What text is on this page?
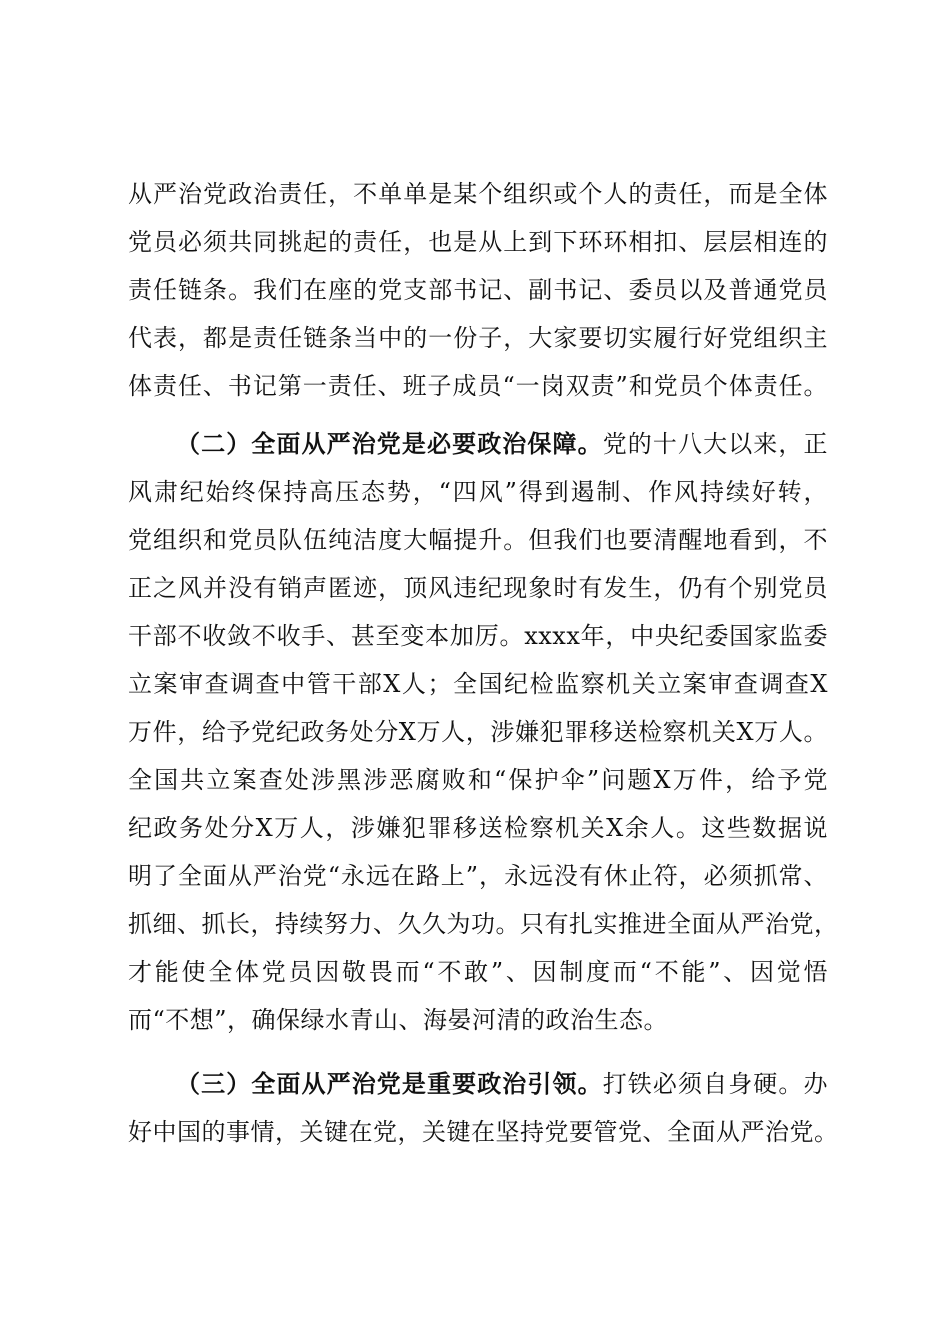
从严治党政治责任，不单单是某个组织或个人的责任，而是全体
党员必须共同挑起的责任，也是从上到下环环相扣、层层相连的
责任链条。我们在座的党支部书记、副书记、委员以及普通党员
代表，都是责任链条当中的一份子，大家要切实履行好党组织主
体责任、书记第一责任、班子成员“一岗双责”和党员个体责任。
（二）全面从严治党是必要政治保障。党的十八大以来，正
风肃纪始终保持高压态势，“四风”得到遏制、作风持续好转，
党组织和党员队伍纯洁度大幅提升。但我们也要清醒地看到，不
正之风并没有销声匿迹，顶风违纪现象时有发生，仍有个别党员
干部不收敛不收手、甚至变本加厉。xxxx年，中央纪委国家监委
立案审查调查中管干部X人；全国纪检监察机关立案审查调查X
万件，给予党纪政务处分X万人，涉嫌犯罪移送检察机关X万人。
全国共立案查处涉黑涉恶腐败和“保护伞”问题X万件，给予党
纪政务处分X万人，涉嫌犯罪移送检察机关X余人。这些数据说
明了全面从严治党“永远在路上”，永远没有休止符，必须抓常、
抓细、抓长，持续努力、久久为功。只有扎实推进全面从严治党，
才能使全体党员因敬畏而“不敢”、因制度而“不能”、因觉悟
而“不想”，确保绿水青山、海晏河清的政治生态。
（三）全面从严治党是重要政治引领。打铁必须自身硬。办
好中国的事情，关键在党，关键在坚持党要管党、全面从严治党。
